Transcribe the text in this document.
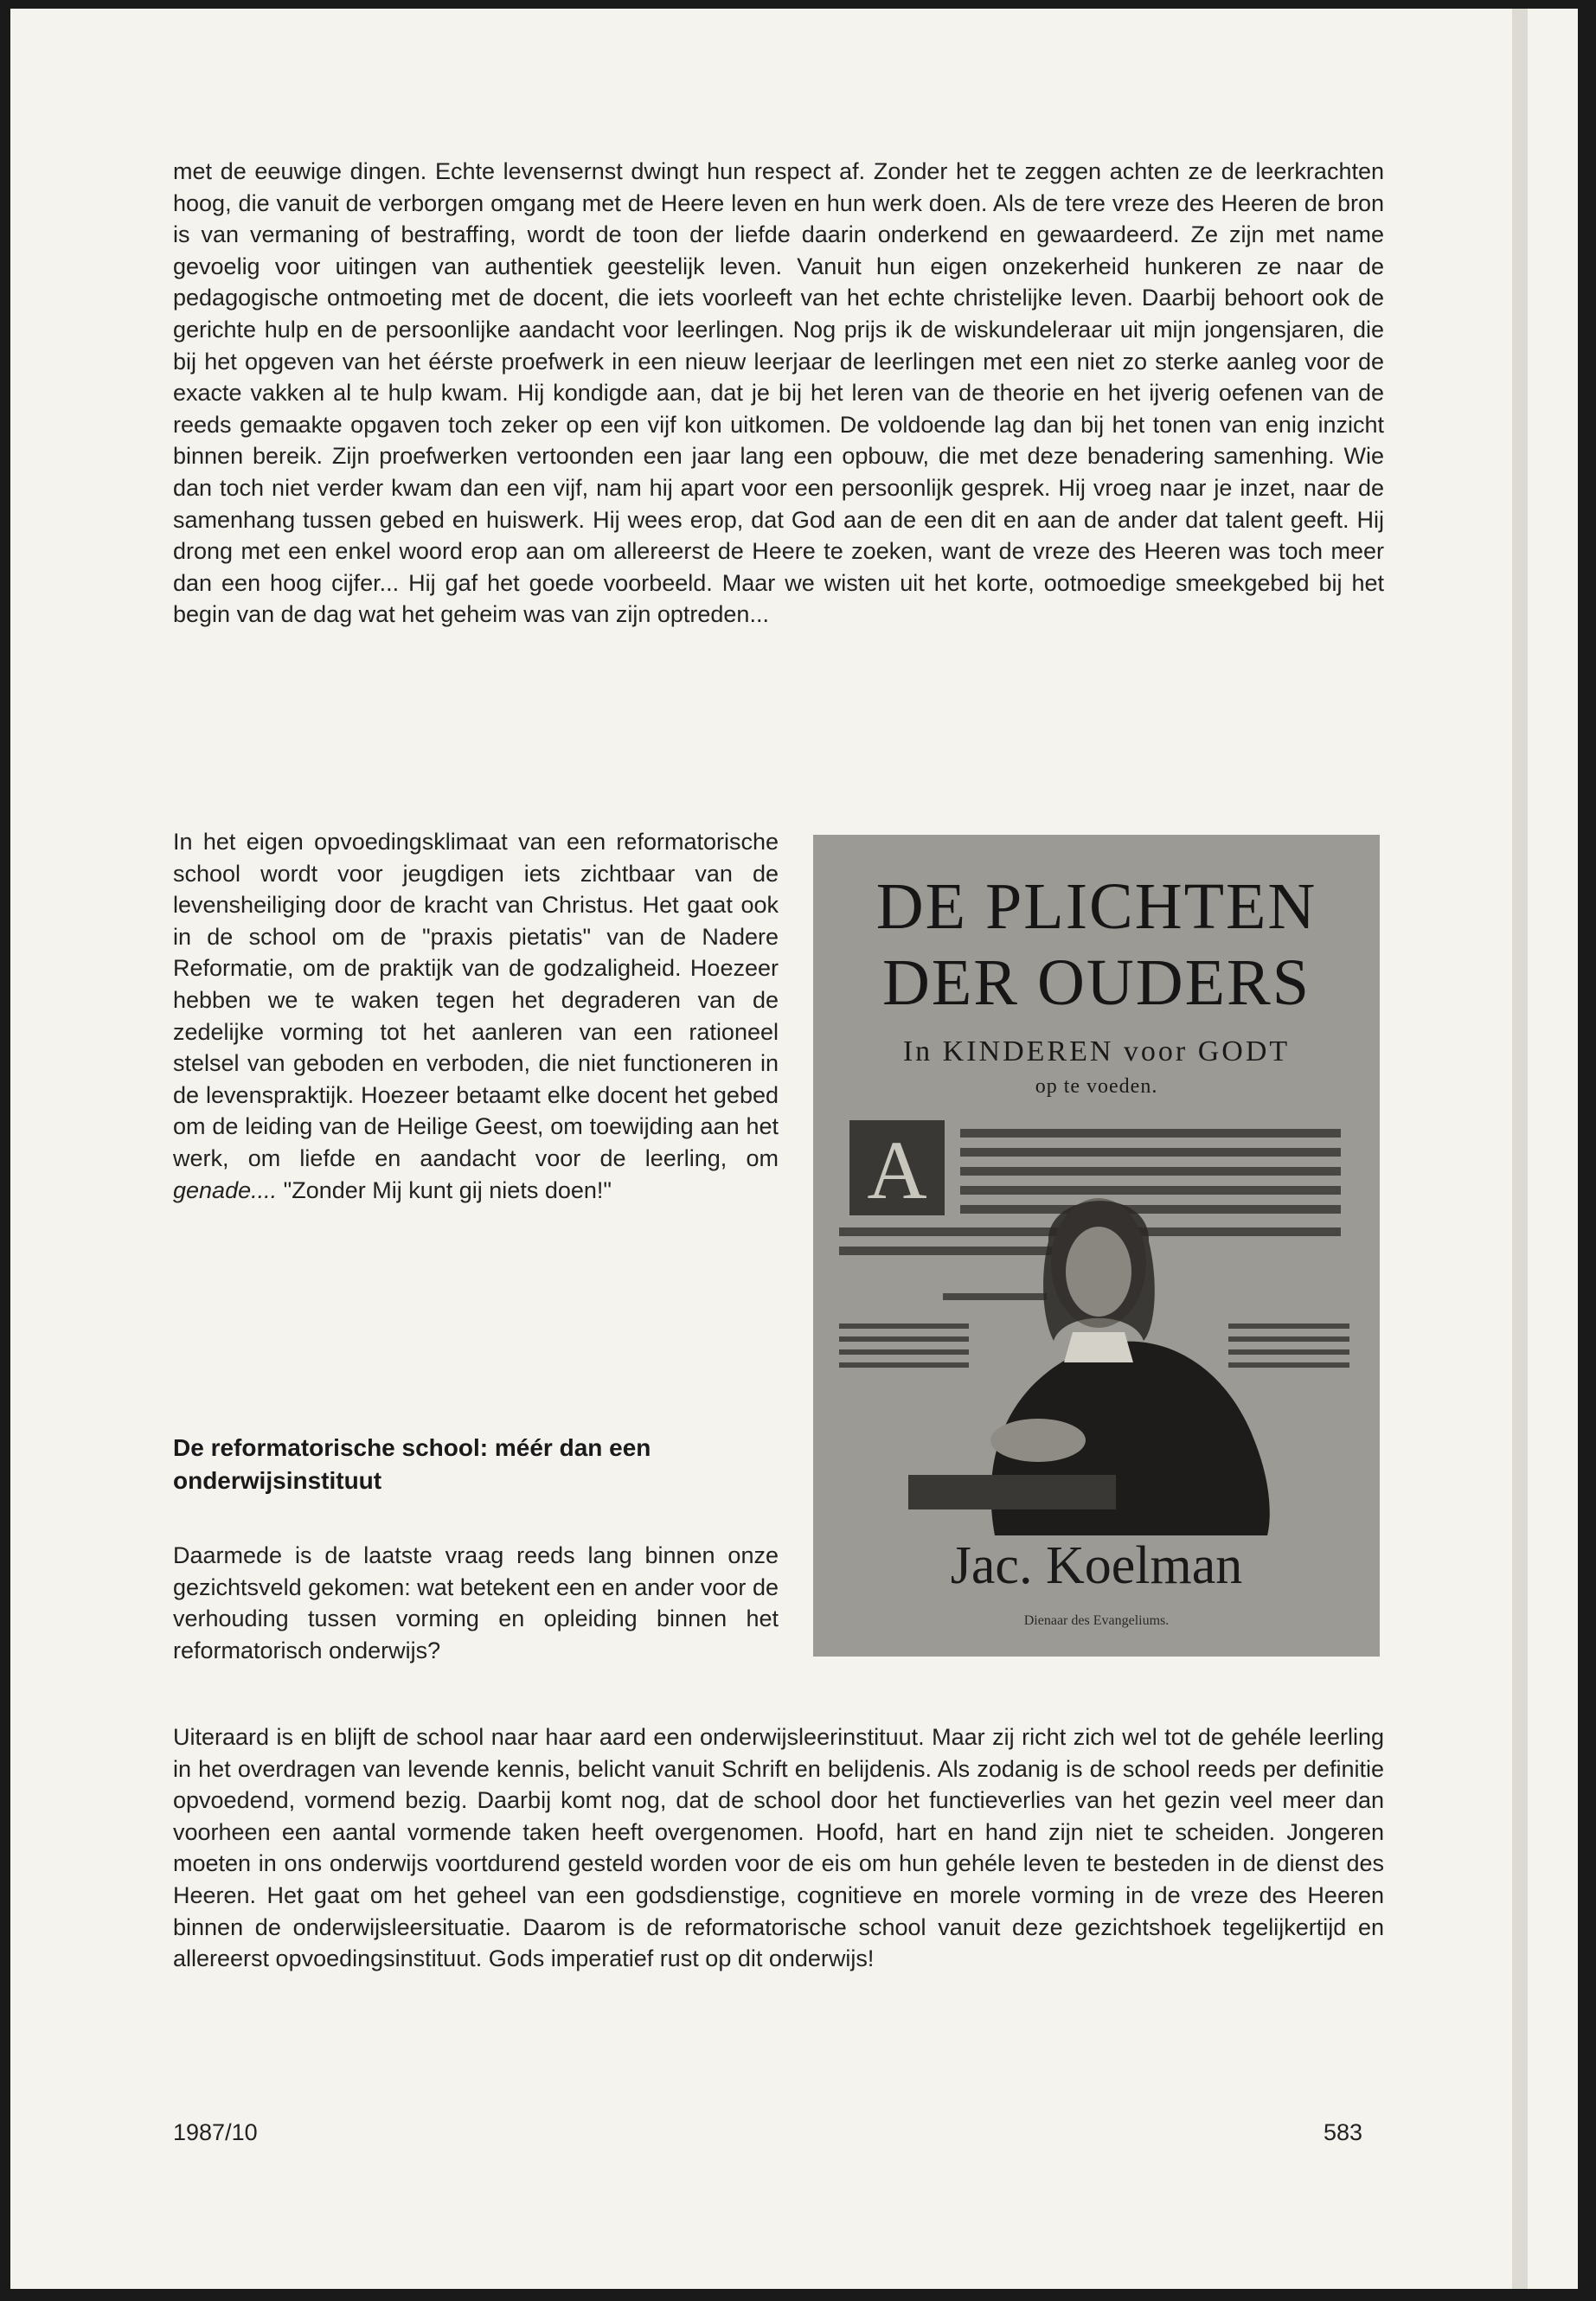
met de eeuwige dingen. Echte levensernst dwingt hun respect af. Zonder het te zeggen achten ze de leerkrachten hoog, die vanuit de verborgen omgang met de Heere leven en hun werk doen. Als de tere vreze des Heeren de bron is van vermaning of bestraffing, wordt de toon der liefde daarin onderkend en gewaardeerd. Ze zijn met name gevoelig voor uitingen van authentiek geestelijk leven. Vanuit hun eigen onzekerheid hunkeren ze naar de pedagogische ontmoeting met de docent, die iets voorleeft van het echte christelijke leven. Daarbij behoort ook de gerichte hulp en de persoonlijke aandacht voor leerlingen. Nog prijs ik de wiskundeleraar uit mijn jongensjaren, die bij het opgeven van het éérste proefwerk in een nieuw leerjaar de leerlingen met een niet zo sterke aanleg voor de exacte vakken al te hulp kwam. Hij kondigde aan, dat je bij het leren van de theorie en het ijverig oefenen van de reeds gemaakte opgaven toch zeker op een vijf kon uitkomen. De voldoende lag dan bij het tonen van enig inzicht binnen bereik. Zijn proefwerken vertoonden een jaar lang een opbouw, die met deze benadering samenhing. Wie dan toch niet verder kwam dan een vijf, nam hij apart voor een persoonlijk gesprek. Hij vroeg naar je inzet, naar de samenhang tussen gebed en huiswerk. Hij wees erop, dat God aan de een dit en aan de ander dat talent geeft. Hij drong met een enkel woord erop aan om allereerst de Heere te zoeken, want de vreze des Heeren was toch meer dan een hoog cijfer... Hij gaf het goede voorbeeld. Maar we wisten uit het korte, ootmoedige smeekgebed bij het begin van de dag wat het geheim was van zijn optreden...

In het eigen opvoedingsklimaat van een reformatorische school wordt voor jeugdigen iets zichtbaar van de levensheiliging door de kracht van Christus. Het gaat ook in de school om de "praxis pietatis" van de Nadere Reformatie, om de praktijk van de godzaligheid. Hoezeer hebben we te waken tegen het degraderen van de zedelijke vorming tot het aanleren van een rationeel stelsel van geboden en verboden, die niet functioneren in de levenspraktijk. Hoezeer betaamt elke docent het gebed om de leiding van de Heilige Geest, om toewijding aan het werk, om liefde en aandacht voor de leerling, om genade.... "Zonder Mij kunt gij niets doen!"

De reformatorische school: méér dan een onderwijsinstituut

Daarmede is de laatste vraag reeds lang binnen onze gezichtsveld gekomen: wat betekent een en ander voor de verhouding tussen vorming en opleiding binnen het reformatorisch onderwijs?

Uiteraard is en blijft de school naar haar aard een onderwijsleerinstituut. Maar zij richt zich wel tot de gehéle leerling in het overdragen van levende kennis, belicht vanuit Schrift en belijdenis. Als zodanig is de school reeds per definitie opvoedend, vormend bezig. Daarbij komt nog, dat de school door het functieverlies van het gezin veel meer dan voorheen een aantal vormende taken heeft overgenomen. Hoofd, hart en hand zijn niet te scheiden. Jongeren moeten in ons onderwijs voortdurend gesteld worden voor de eis om hun gehéle leven te besteden in de dienst des Heeren. Het gaat om het geheel van een godsdienstige, cognitieve en morele vorming in de vreze des Heeren binnen de onderwijsleersituatie. Daarom is de reformatorische school vanuit deze gezichtshoek tegelijkertijd en allereerst opvoedingsinstituut. Gods imperatief rust op dit onderwijs!

DE PLICHTEN
DER OUDERS
In KINDEREN voor GODT
op te voeden.
A
Jac. Koelman
Dienaar des Evangeliums.
1987/10	583
